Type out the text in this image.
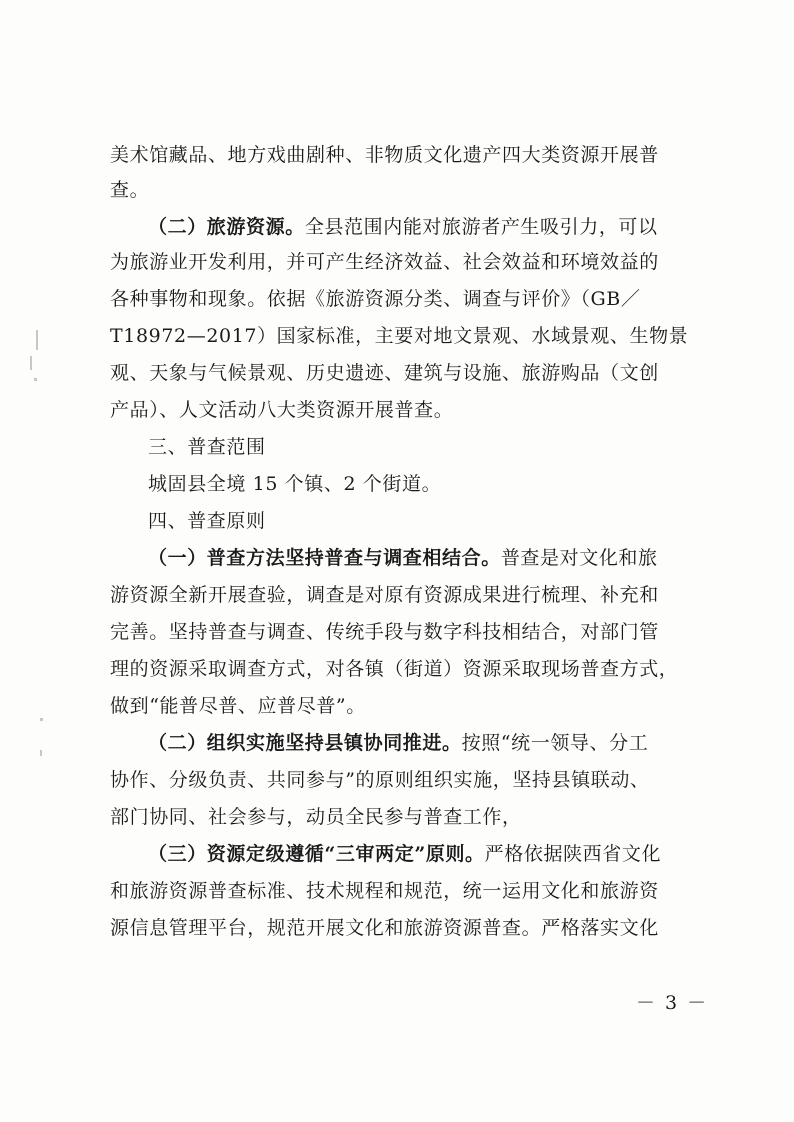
美术馆藏品、地方戏曲剧种、非物质文化遗产四大类资源开展普
查。
（二）旅游资源。全县范围内能对旅游者产生吸引力，可以
为旅游业开发利用，并可产生经济效益、社会效益和环境效益的
各种事物和现象。依据《旅游资源分类、调查与评价》（GB／
T18972—2017）国家标准，主要对地文景观、水域景观、生物景
观、天象与气候景观、历史遗迹、建筑与设施、旅游购品（文创
产品）、人文活动八大类资源开展普查。
三、普查范围
城固县全境 15 个镇、2 个街道。
四、普查原则
（一）普查方法坚持普查与调查相结合。普查是对文化和旅
游资源全新开展查验，调查是对原有资源成果进行梳理、补充和
完善。坚持普查与调查、传统手段与数字科技相结合，对部门管
理的资源采取调查方式，对各镇（街道）资源采取现场普查方式，
做到“能普尽普、应普尽普”。
（二）组织实施坚持县镇协同推进。按照“统一领导、分工
协作、分级负责、共同参与”的原则组织实施，坚持县镇联动、
部门协同、社会参与，动员全民参与普查工作，
（三）资源定级遵循“三审两定”原则。严格依据陕西省文化
和旅游资源普查标准、技术规程和规范，统一运用文化和旅游资
源信息管理平台，规范开展文化和旅游资源普查。严格落实文化
－ 3 －
